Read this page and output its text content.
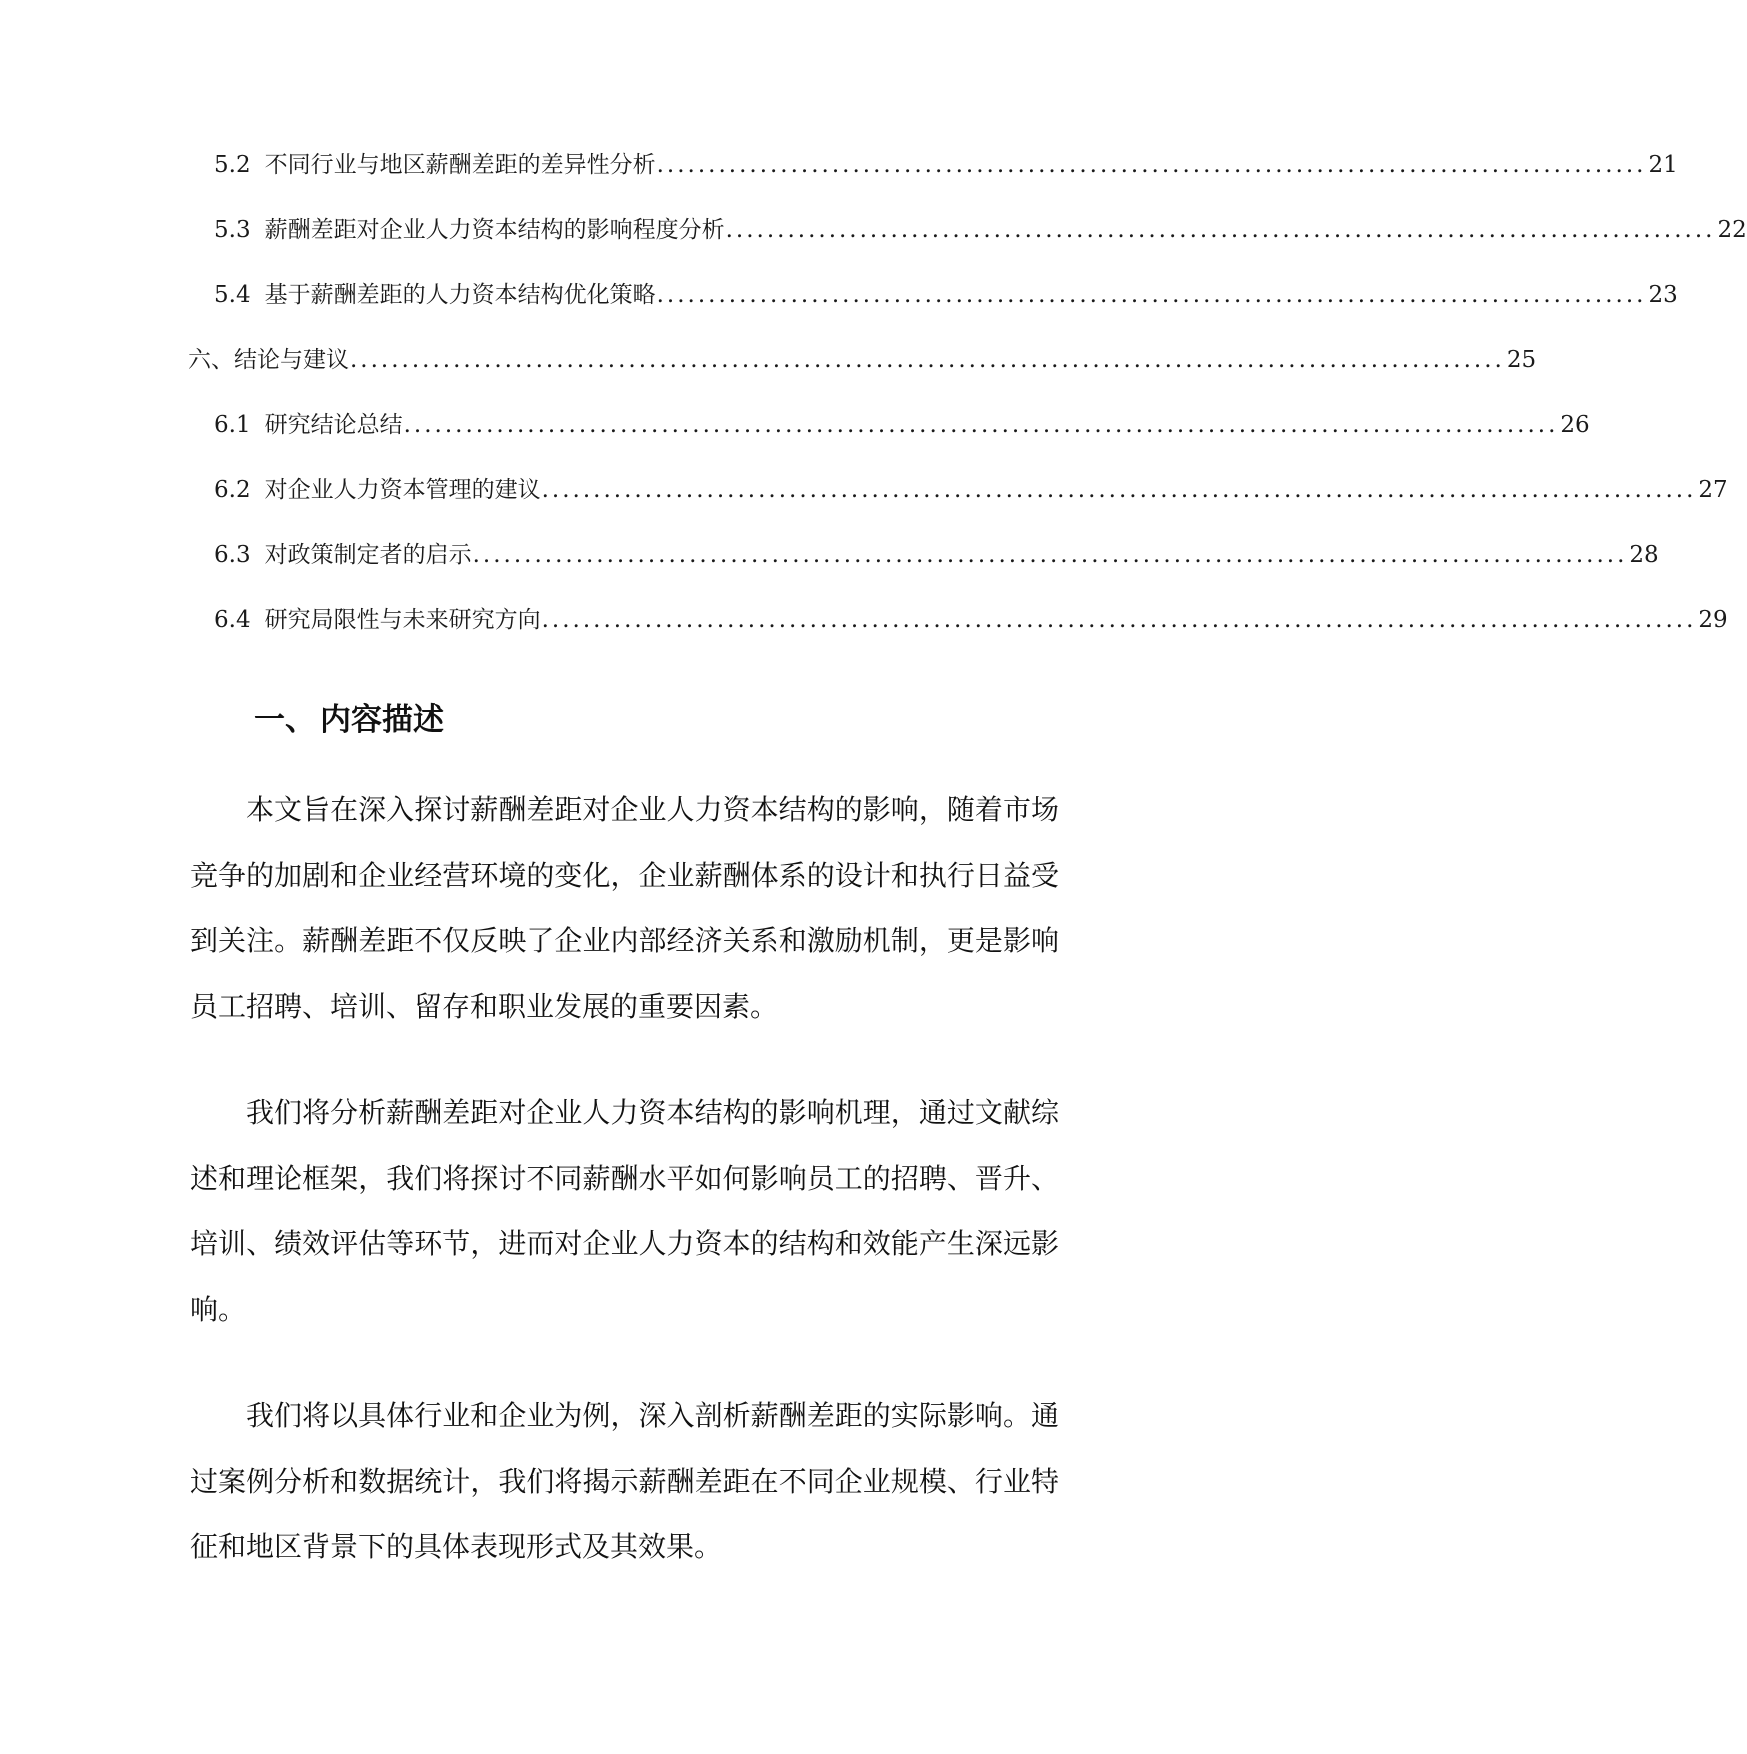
5.2 不同行业与地区薪酬差距的差异性分析 ................................................................................................ 21
5.3 薪酬差距对企业人力资本结构的影响程度分析 ................................................................................................ 22
5.4 基于薪酬差距的人力资本结构优化策略 ................................................................................................ 23
六、结论与建议 ................................................................................................................ 25
6.1 研究结论总结 ................................................................................................................ 26
6.2 对企业人力资本管理的建议 ................................................................................................................ 27
6.3 对政策制定者的启示 ................................................................................................................ 28
6.4 研究局限性与未来研究方向 ................................................................................................................ 29
一、 内容描述

本文旨在深入探讨薪酬差距对企业人力资本结构的影响，随着市场竞争的加剧和企业经营环境的变化，企业薪酬体系的设计和执行日益受到关注。薪酬差距不仅反映了企业内部经济关系和激励机制，更是影响员工招聘、培训、留存和职业发展的重要因素。

我们将分析薪酬差距对企业人力资本结构的影响机理，通过文献综述和理论框架，我们将探讨不同薪酬水平如何影响员工的招聘、晋升、培训、绩效评估等环节，进而对企业人力资本的结构和效能产生深远影响。

我们将以具体行业和企业为例，深入剖析薪酬差距的实际影响。通过案例分析和数据统计，我们将揭示薪酬差距在不同企业规模、行业特征和地区背景下的具体表现形式及其效果。
